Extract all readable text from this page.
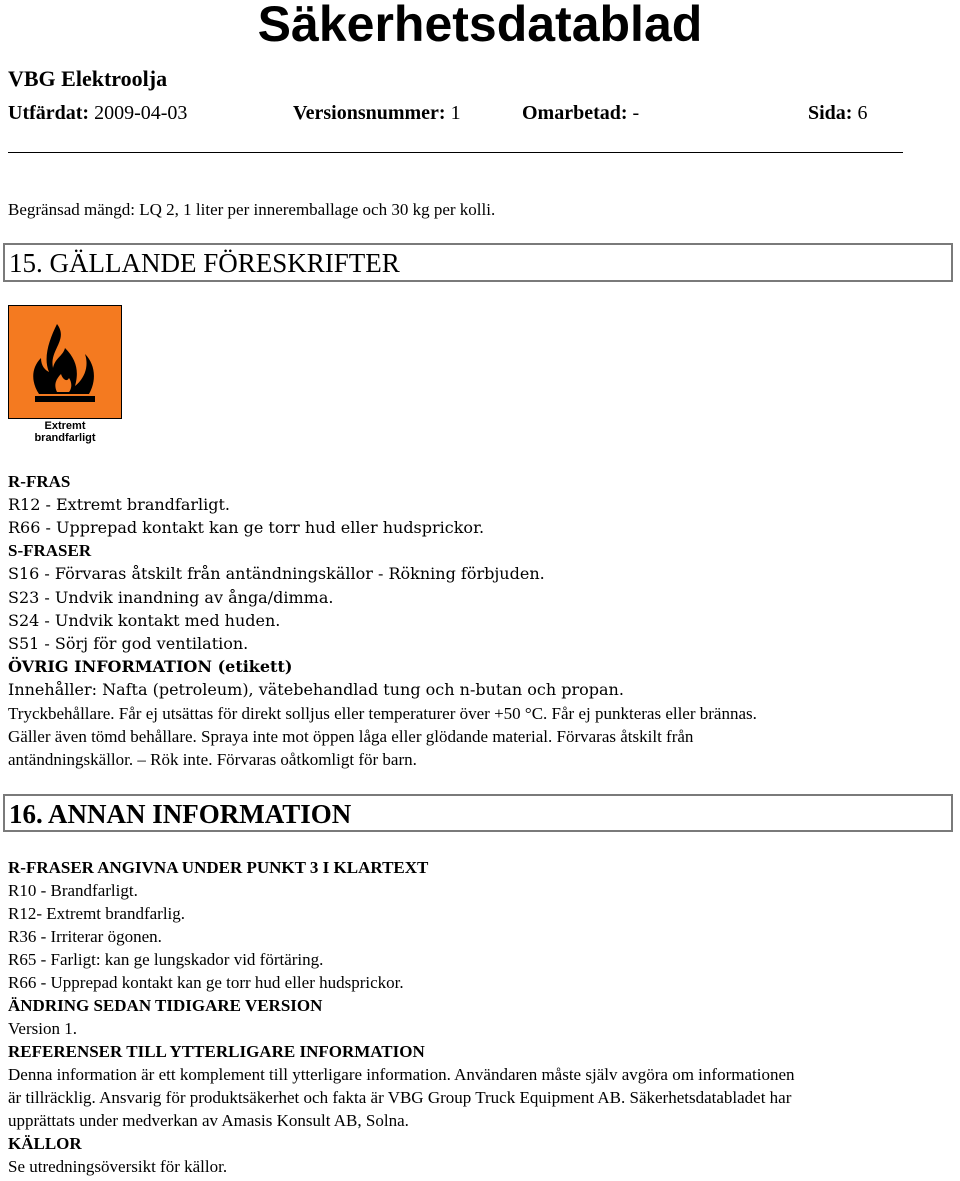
Säkerhetsdatablad
VBG Elektroolja
Utfärdat: 2009-04-03	Versionsnummer: 1	Omarbetad: -	Sida: 6
Begränsad mängd: LQ 2, 1 liter per inneremballage och 30 kg per kolli.
15. GÄLLANDE FÖRESKRIFTER
Extremt
brandfarligt

R-FRAS

R12 - Extremt brandfarligt.

R66 - Upprepad kontakt kan ge torr hud eller hudsprickor.

S-FRASER

S16 - Förvaras åtskilt från antändningskällor - Rökning förbjuden.

S23 - Undvik inandning av ånga/dimma.

S24 - Undvik kontakt med huden.

S51 - Sörj för god ventilation.

ÖVRIG INFORMATION (etikett)

Innehåller: Nafta (petroleum), vätebehandlad tung och n-butan och propan.

Tryckbehållare. Får ej utsättas för direkt solljus eller temperaturer över +50 °C. Får ej punkteras eller brännas.

Gäller även tömd behållare. Spraya inte mot öppen låga eller glödande material. Förvaras åtskilt från

antändningskällor. – Rök inte. Förvaras oåtkomligt för barn.

16. ANNAN INFORMATION

R-FRASER ANGIVNA UNDER PUNKT 3 I KLARTEXT

R10 - Brandfarligt.

R12- Extremt brandfarlig.

R36 - Irriterar ögonen.

R65 - Farligt: kan ge lungskador vid förtäring.

R66 - Upprepad kontakt kan ge torr hud eller hudsprickor.

ÄNDRING SEDAN TIDIGARE VERSION

Version 1.

REFERENSER TILL YTTERLIGARE INFORMATION

Denna information är ett komplement till ytterligare information. Användaren måste själv avgöra om informationen

är tillräcklig. Ansvarig för produktsäkerhet och fakta är VBG Group Truck Equipment AB. Säkerhetsdatabladet har

upprättats under medverkan av Amasis Konsult AB, Solna.

KÄLLOR

Se utredningsöversikt för källor.
